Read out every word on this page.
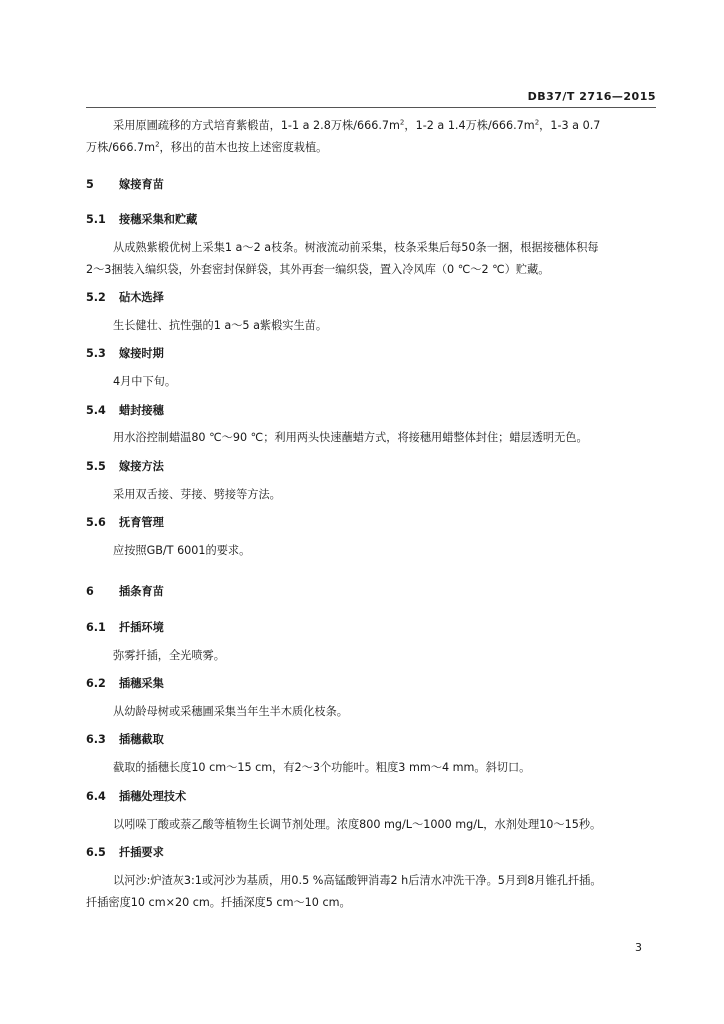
DB37/T 2716—2015
采用原圃疏移的方式培育紫椴苗，1-1 a 2.8万株$/666.7m^2$，1-2 a 1.4万株$/666.7m^2$，1-3 a 0.7
万株$/666.7m^2$，移出的苗木也按上述密度栽植。
5 嫁接育苗
5.1 接穗采集和贮藏
从成熟紫椴优树上采集1 a～2 a枝条。树液流动前采集，枝条采集后每50条一捆，根据接穗体积每
2～3捆装入编织袋，外套密封保鲜袋，其外再套一编织袋，置入冷风库（0 ℃～2 ℃）贮藏。
5.2 砧木选择
生长健壮、抗性强的1 a～5 a紫椴实生苗。
5.3 嫁接时期
4月中下旬。
5.4 蜡封接穗
用水浴控制蜡温80 ℃～90 ℃；利用两头快速蘸蜡方式，将接穗用蜡整体封住；蜡层透明无色。
5.5 嫁接方法
采用双舌接、芽接、劈接等方法。
5.6 抚育管理
应按照GB/T 6001的要求。
6 插条育苗
6.1 扦插环境
弥雾扦插，全光喷雾。
6.2 插穗采集
从幼龄母树或采穗圃采集当年生半木质化枝条。
6.3 插穗截取
截取的插穗长度10 cm～15 cm，有2～3个功能叶。粗度3 mm～4 mm。斜切口。
6.4 插穗处理技术
以吲哚丁酸或萘乙酸等植物生长调节剂处理。浓度800 mg/L～1000 mg/L，水剂处理10～15秒。
6.5 扦插要求
以河沙:炉渣灰3:1或河沙为基质，用0.5 %高锰酸钾消毒2 h后清水冲洗干净。5月到8月锥孔扦插。
扦插密度10 cm×20 cm。扦插深度5 cm～10 cm。
3
